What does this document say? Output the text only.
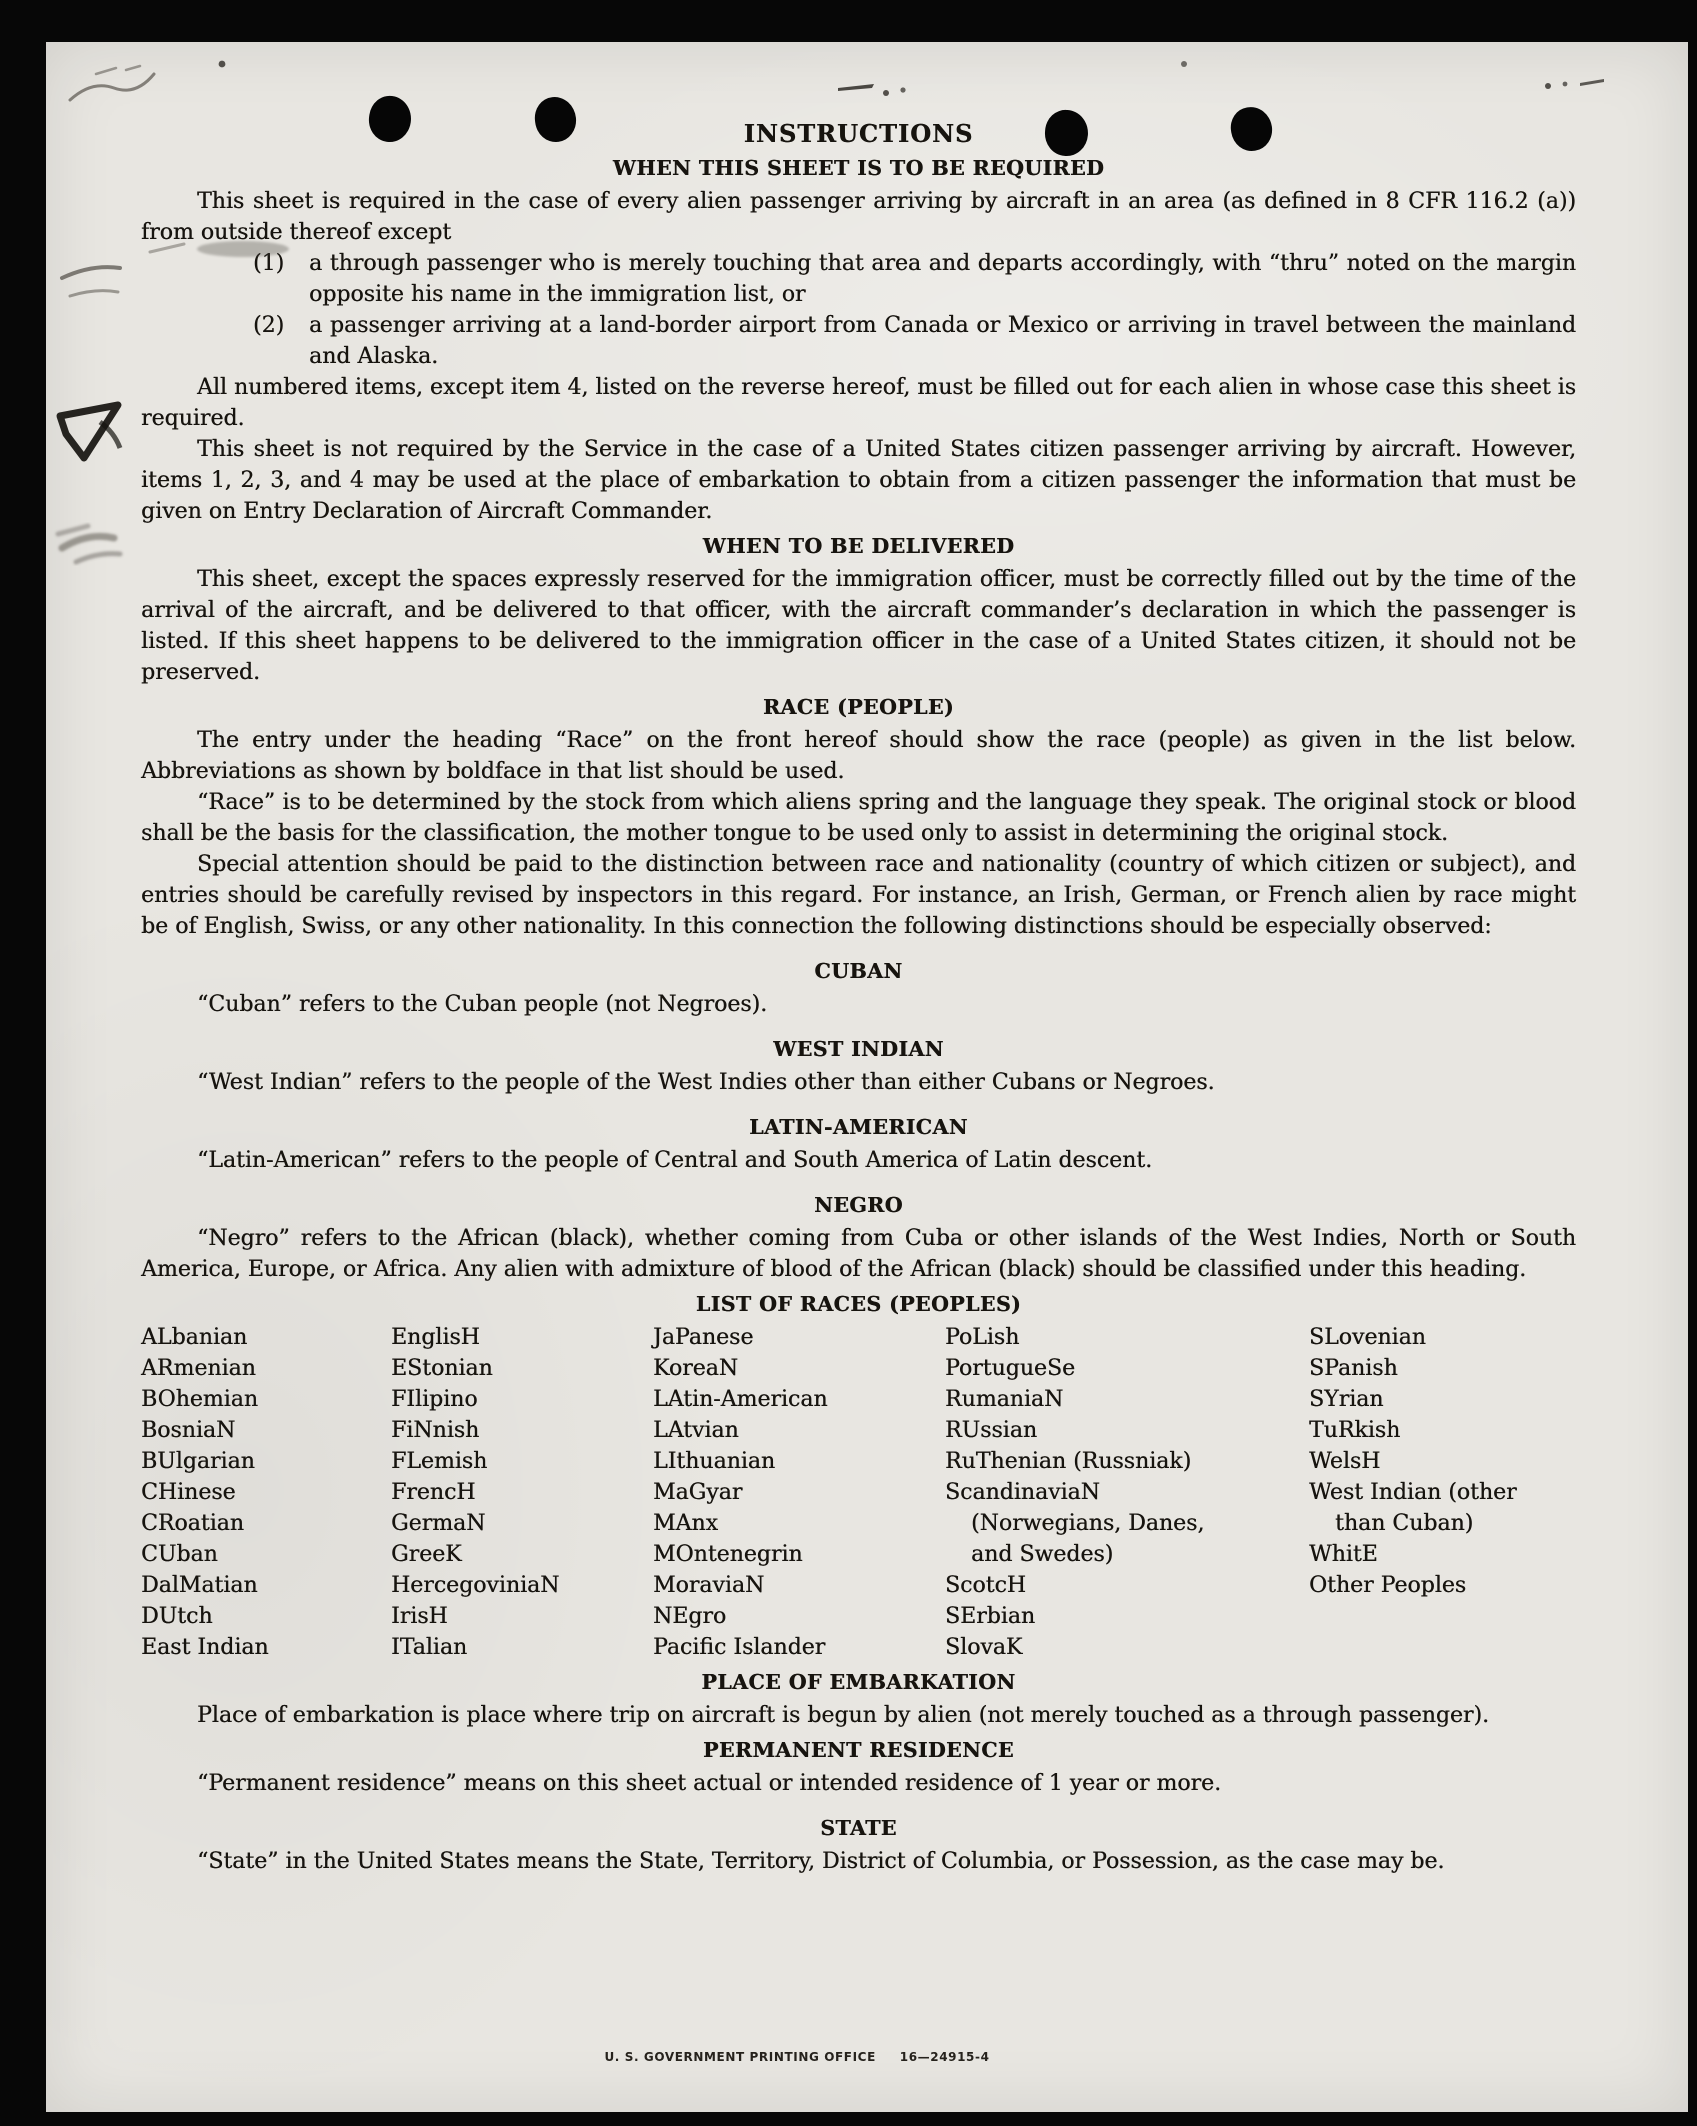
INSTRUCTIONS
WHEN THIS SHEET IS TO BE REQUIRED

This sheet is required in the case of every alien passenger arriving by aircraft in an area (as defined in 8 CFR 116.2 (a)) from outside thereof except

(1)	a through passenger who is merely touching that area and departs accordingly, with “thru” noted on the margin opposite his name in the immigration list, or
(2)	a passenger arriving at a land-border airport from Canada or Mexico or arriving in travel between the mainland and Alaska.

All numbered items, except item 4, listed on the reverse hereof, must be filled out for each alien in whose case this sheet is required.

This sheet is not required by the Service in the case of a United States citizen passenger arriving by aircraft. However, items 1, 2, 3, and 4 may be used at the place of embarkation to obtain from a citizen passenger the information that must be given on Entry Declaration of Aircraft Commander.

WHEN TO BE DELIVERED

This sheet, except the spaces expressly reserved for the immigration officer, must be correctly filled out by the time of the arrival of the aircraft, and be delivered to that officer, with the aircraft commander’s declaration in which the passenger is listed. If this sheet happens to be delivered to the immigration officer in the case of a United States citizen, it should not be preserved.

RACE (PEOPLE)

The entry under the heading “Race” on the front hereof should show the race (people) as given in the list below. Abbreviations as shown by boldface in that list should be used.

“Race” is to be determined by the stock from which aliens spring and the language they speak. The original stock or blood shall be the basis for the classification, the mother tongue to be used only to assist in determining the original stock.

Special attention should be paid to the distinction between race and nationality (country of which citizen or subject), and entries should be carefully revised by inspectors in this regard. For instance, an Irish, German, or French alien by race might be of English, Swiss, or any other nationality. In this connection the following distinctions should be especially observed:

CUBAN

“Cuban” refers to the Cuban people (not Negroes).

WEST INDIAN

“West Indian” refers to the people of the West Indies other than either Cubans or Negroes.

LATIN-AMERICAN

“Latin-American” refers to the people of Central and South America of Latin descent.

NEGRO

“Negro” refers to the African (black), whether coming from Cuba or other islands of the West Indies, North or South America, Europe, or Africa. Any alien with admixture of blood of the African (black) should be classified under this heading.

LIST OF RACES (PEOPLES)
ALbanian
ARmenian
BOhemian
BosniaN
BUlgarian
CHinese
CRoatian
CUban
DalMatian
DUtch
East Indian
EnglisH
EStonian
FIlipino
FiNnish
FLemish
FrencH
GermaN
GreeK
HercegoviniaN
IrisH
ITalian
JaPanese
KoreaN
LAtin-American
LAtvian
LIthuanian
MaGyar
MAnx
MOntenegrin
MoraviaN
NEgro
Pacific Islander
PoLish
PortugueSe
RumaniaN
RUssian
RuThenian (Russniak)
ScandinaviaN (Norwegians, Danes, and Swedes)
ScotcH
SErbian
SlovaK
SLovenian
SPanish
SYrian
TuRkish
WelsH
West Indian (other than Cuban)
WhitE
Other Peoples
PLACE OF EMBARKATION

Place of embarkation is place where trip on aircraft is begun by alien (not merely touched as a through passenger).

PERMANENT RESIDENCE

“Permanent residence” means on this sheet actual or intended residence of 1 year or more.

STATE

“State” in the United States means the State, Territory, District of Columbia, or Possession, as the case may be.

U. S. GOVERNMENT PRINTING OFFICE     16—24915-4
